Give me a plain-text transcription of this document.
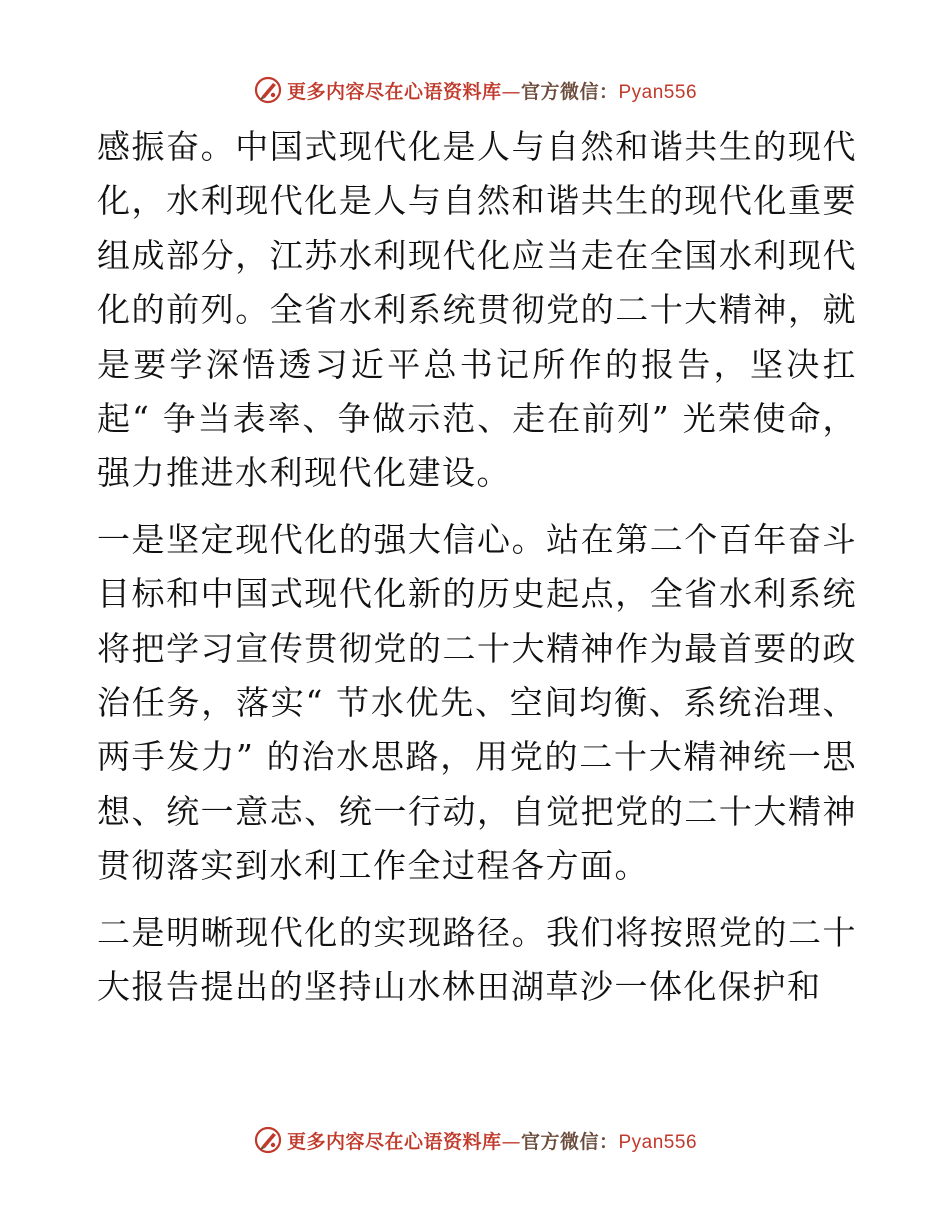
更多内容尽在心语资料库—官方微信：Pyan556

感振奋。中国式现代化是人与自然和谐共生的现代化，水利现代化是人与自然和谐共生的现代化重要组成部分，江苏水利现代化应当走在全国水利现代化的前列。全省水利系统贯彻党的二十大精神，就是要学深悟透习近平总书记所作的报告，坚决扛起“ 争当表率、争做示范、走在前列” 光荣使命，强力推进水利现代化建设。

一是坚定现代化的强大信心。站在第二个百年奋斗目标和中国式现代化新的历史起点，全省水利系统将把学习宣传贯彻党的二十大精神作为最首要的政治任务，落实“ 节水优先、空间均衡、系统治理、两手发力” 的治水思路，用党的二十大精神统一思想、统一意志、统一行动，自觉把党的二十大精神贯彻落实到水利工作全过程各方面。

二是明晰现代化的实现路径。我们将按照党的二十大报告提出的坚持山水林田湖草沙一体化保护和

更多内容尽在心语资料库—官方微信：Pyan556
